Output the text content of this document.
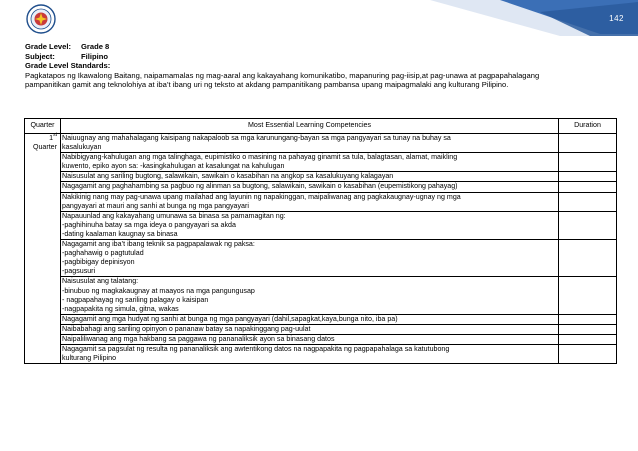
142
Grade Level:	Grade 8
Subject:	Filipino
Grade Level Standards:

Pagkatapos ng Ikawalong Baitang, naipamamalas ng mag-aaral ang kakayahang komunikatibo, mapanuring pag-iisip,at pag-unawa at pagpapahalagang

pampanitikan gamit ang teknolohiya at iba’t ibang uri ng teksto at akdang pampanitikang pambansa upang maipagmalaki ang kulturang Pilipino.

Quarter	Most Essential Learning Competencies	Duration

1st
Quarter	Naiuugnay ang mahahalagang kaisipang nakapaloob sa mga karunungang-bayan sa mga pangyayari sa tunay na buhay sa
kasalukuyan	

	Nabibigyang-kahulugan ang mga talinghaga, eupimistiko o masining na pahayag ginamit sa tula, balagtasan, alamat, maikling
kuwento, epiko ayon sa: -kasingkahulugan at kasalungat na kahulugan	

	Naisusulat ang sariling bugtong, salawikain, sawikain o kasabihan na angkop sa kasalukuyang kalagayan	

	Nagagamit ang paghahambing sa pagbuo ng alinman sa bugtong, salawikain, sawikain o kasabihan (eupemistikong pahayag)	

	Nakikinig nang may pag-unawa upang mailahad ang layunin ng napakinggan, maipaliwanag ang pagkakaugnay-ugnay ng mga
pangyayari at mauri ang sanhi at bunga ng mga pangyayari	

	Napauunlad ang kakayahang umunawa sa binasa sa pamamagitan ng:
-paghihinuha batay sa mga ideya o pangyayari sa akda
-dating kaalaman kaugnay sa binasa	

	Nagagamit ang iba’t ibang teknik sa pagpapalawak ng paksa:
-paghahawig o pagtutulad
-pagbibigay depinisyon
-pagsusuri	

	Naisusulat ang talatang:
-binubuo ng magkakaugnay at maayos na mga pangungusap
- nagpapahayag ng sariling palagay o kaisipan
-nagpapakita ng simula, gitna, wakas	

	Nagagamit ang mga hudyat ng sanhi at bunga ng mga pangyayari (dahil,sapagkat,kaya,bunga nito, iba pa)	

	Naibabahagi ang sariling opinyon o pananaw batay sa napakinggang pag-uulat	

	Naipaliliwanag ang mga hakbang sa paggawa ng pananaliksik ayon sa binasang datos	

	Nagagamit sa pagsulat ng resulta ng pananaliksik ang awtentikong datos na nagpapakita ng pagpapahalaga sa katutubong
kulturang Pilipino	
